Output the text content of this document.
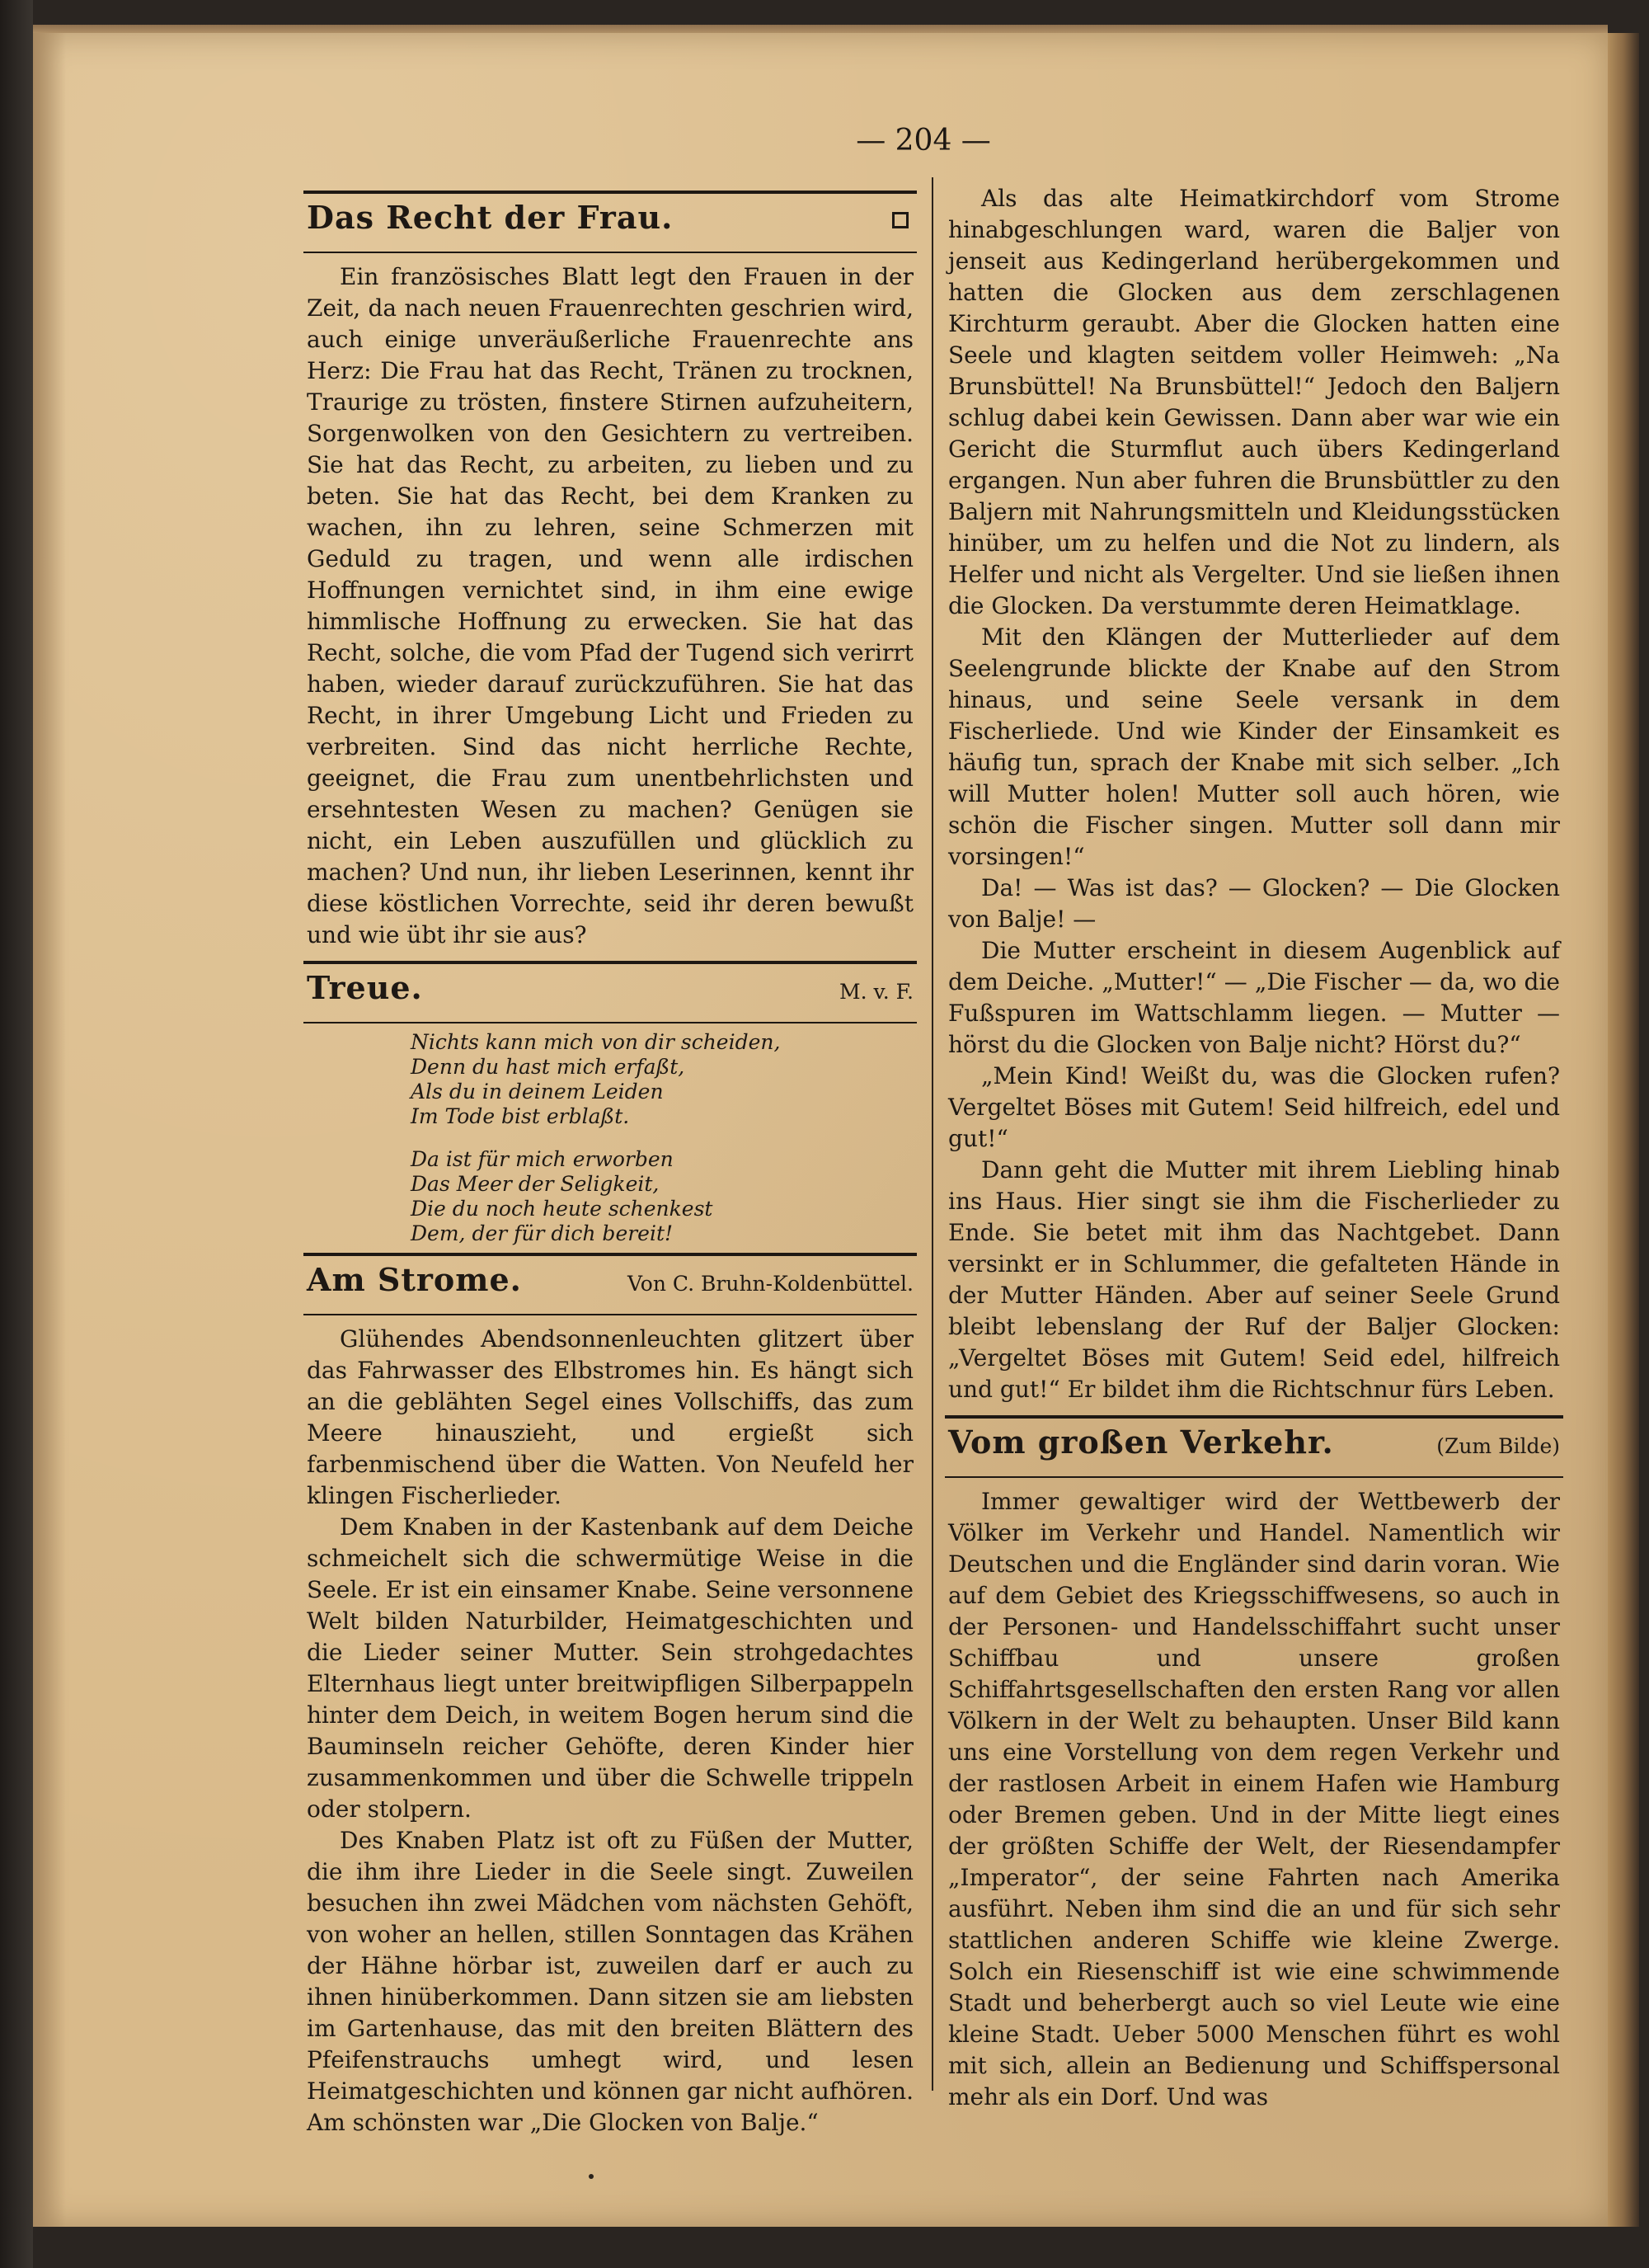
— 204 —
Das Recht der Frau.

Ein französisches Blatt legt den Frauen in der Zeit, da nach neuen Frauenrechten geschrien wird, auch einige unveräußerliche Frauenrechte ans Herz: Die Frau hat das Recht, Tränen zu trocknen, Traurige zu trösten, finstere Stirnen aufzuheitern, Sorgenwolken von den Gesichtern zu vertreiben. Sie hat das Recht, zu arbeiten, zu lieben und zu beten. Sie hat das Recht, bei dem Kranken zu wachen, ihn zu lehren, seine Schmerzen mit Geduld zu tragen, und wenn alle irdischen Hoffnungen vernichtet sind, in ihm eine ewige himmlische Hoffnung zu erwecken. Sie hat das Recht, solche, die vom Pfad der Tugend sich verirrt haben, wieder darauf zurückzuführen. Sie hat das Recht, in ihrer Umgebung Licht und Frieden zu verbreiten. Sind das nicht herrliche Rechte, geeignet, die Frau zum unentbehrlichsten und ersehntesten Wesen zu machen? Genügen sie nicht, ein Leben auszufüllen und glücklich zu machen? Und nun, ihr lieben Leserinnen, kennt ihr diese köstlichen Vorrechte, seid ihr deren bewußt und wie übt ihr sie aus?

Treue.	M. v. F.
Nichts kann mich von dir scheiden,
Denn du hast mich erfaßt,
Als du in deinem Leiden
Im Tode bist erblaßt.
Da ist für mich erworben
Das Meer der Seligkeit,
Die du noch heute schenkest
Dem, der für dich bereit!
Am Strome.	Von C. Bruhn-Koldenbüttel.

Glühendes Abendsonnenleuchten glitzert über das Fahrwasser des Elbstromes hin. Es hängt sich an die geblähten Segel eines Vollschiffs, das zum Meere hinauszieht, und ergießt sich farbenmischend über die Watten. Von Neufeld her klingen Fischerlieder.

Dem Knaben in der Kastenbank auf dem Deiche schmeichelt sich die schwermütige Weise in die Seele. Er ist ein einsamer Knabe. Seine versonnene Welt bilden Naturbilder, Heimatgeschichten und die Lieder seiner Mutter. Sein strohgedachtes Elternhaus liegt unter breitwipfligen Silberpappeln hinter dem Deich, in weitem Bogen herum sind die Bauminseln reicher Gehöfte, deren Kinder hier zusammenkommen und über die Schwelle trippeln oder stolpern.

Des Knaben Platz ist oft zu Füßen der Mutter, die ihm ihre Lieder in die Seele singt. Zuweilen besuchen ihn zwei Mädchen vom nächsten Gehöft, von woher an hellen, stillen Sonntagen das Krähen der Hähne hörbar ist, zuweilen darf er auch zu ihnen hinüberkommen. Dann sitzen sie am liebsten im Gartenhause, das mit den breiten Blättern des Pfeifenstrauchs umhegt wird, und lesen Heimatgeschichten und können gar nicht aufhören. Am schönsten war „Die Glocken von Balje.“

Als das alte Heimatkirchdorf vom Strome hinabgeschlungen ward, waren die Baljer von jenseit aus Kedingerland herübergekommen und hatten die Glocken aus dem zerschlagenen Kirchturm geraubt. Aber die Glocken hatten eine Seele und klagten seitdem voller Heimweh: „Na Brunsbüttel! Na Brunsbüttel!“ Jedoch den Baljern schlug dabei kein Gewissen. Dann aber war wie ein Gericht die Sturmflut auch übers Kedingerland ergangen. Nun aber fuhren die Brunsbüttler zu den Baljern mit Nahrungsmitteln und Kleidungsstücken hinüber, um zu helfen und die Not zu lindern, als Helfer und nicht als Vergelter. Und sie ließen ihnen die Glocken. Da verstummte deren Heimatklage.

Mit den Klängen der Mutterlieder auf dem Seelengrunde blickte der Knabe auf den Strom hinaus, und seine Seele versank in dem Fischerliede. Und wie Kinder der Einsamkeit es häufig tun, sprach der Knabe mit sich selber. „Ich will Mutter holen! Mutter soll auch hören, wie schön die Fischer singen. Mutter soll dann mir vorsingen!“

Da! — Was ist das? — Glocken? — Die Glocken von Balje! —

Die Mutter erscheint in diesem Augenblick auf dem Deiche. „Mutter!“ — „Die Fischer — da, wo die Fußspuren im Wattschlamm liegen. — Mutter — hörst du die Glocken von Balje nicht? Hörst du?“

„Mein Kind! Weißt du, was die Glocken rufen? Vergeltet Böses mit Gutem! Seid hilfreich, edel und gut!“

Dann geht die Mutter mit ihrem Liebling hinab ins Haus. Hier singt sie ihm die Fischerlieder zu Ende. Sie betet mit ihm das Nachtgebet. Dann versinkt er in Schlummer, die gefalteten Hände in der Mutter Händen. Aber auf seiner Seele Grund bleibt lebenslang der Ruf der Baljer Glocken: „Vergeltet Böses mit Gutem! Seid edel, hilfreich und gut!“ Er bildet ihm die Richtschnur fürs Leben.

Vom großen Verkehr.	(Zum Bilde)

Immer gewaltiger wird der Wettbewerb der Völker im Verkehr und Handel. Namentlich wir Deutschen und die Engländer sind darin voran. Wie auf dem Gebiet des Kriegsschiffwesens, so auch in der Personen- und Handelsschiffahrt sucht unser Schiffbau und unsere großen Schiffahrtsgesellschaften den ersten Rang vor allen Völkern in der Welt zu behaupten. Unser Bild kann uns eine Vorstellung von dem regen Verkehr und der rastlosen Arbeit in einem Hafen wie Hamburg oder Bremen geben. Und in der Mitte liegt eines der größten Schiffe der Welt, der Riesendampfer „Imperator“, der seine Fahrten nach Amerika ausführt. Neben ihm sind die an und für sich sehr stattlichen anderen Schiffe wie kleine Zwerge. Solch ein Riesenschiff ist wie eine schwimmende Stadt und beherbergt auch so viel Leute wie eine kleine Stadt. Ueber 5000 Menschen führt es wohl mit sich, allein an Bedienung und Schiffspersonal mehr als ein Dorf. Und was
